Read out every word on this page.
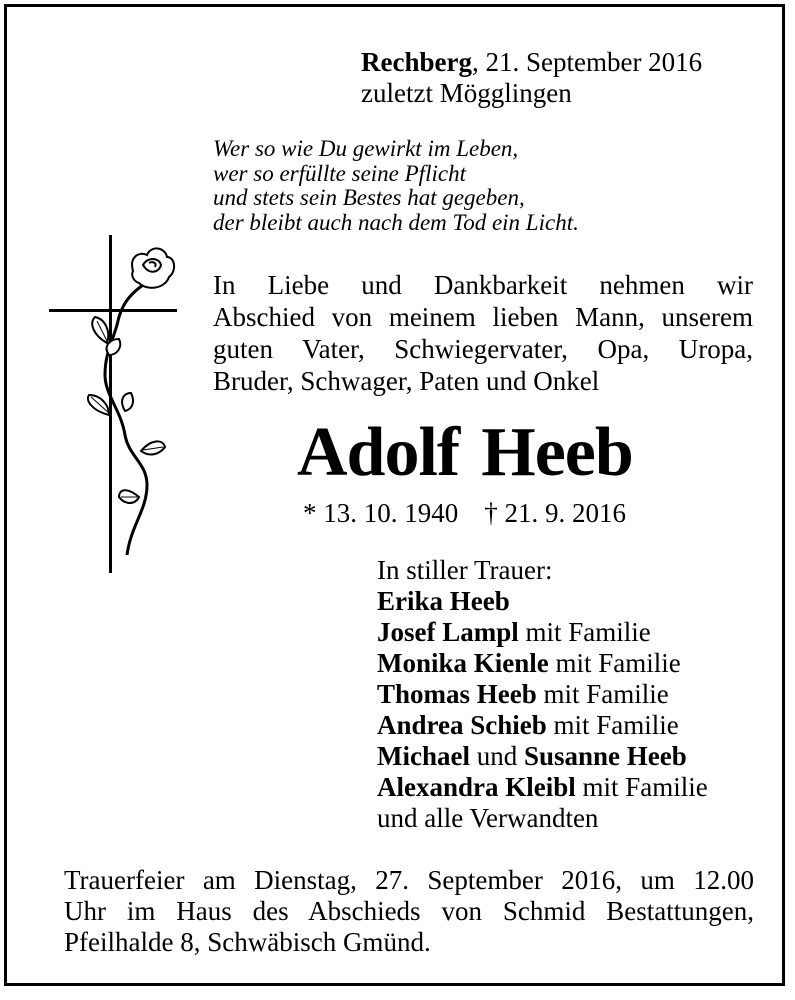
Rechberg, 21. September 2016
zuletzt Mögglingen
Wer so wie Du gewirkt im Leben,
wer so erfüllte seine Pflicht
und stets sein Bestes hat gegeben,
der bleibt auch nach dem Tod ein Licht.
In Liebe und Dankbarkeit nehmen wir
Abschied von meinem lieben Mann, unserem
guten Vater, Schwiegervater, Opa, Uropa,
Bruder, Schwager, Paten und Onkel
Adolf Heeb
* 13. 10. 1940 † 21. 9. 2016
In stiller Trauer:
Erika Heeb
Josef Lampl mit Familie
Monika Kienle mit Familie
Thomas Heeb mit Familie
Andrea Schieb mit Familie
Michael und Susanne Heeb
Alexandra Kleibl mit Familie
und alle Verwandten
Trauerfeier am Dienstag, 27. September 2016, um 12.00
Uhr im Haus des Abschieds von Schmid Bestattungen,
Pfeilhalde 8, Schwäbisch Gmünd.
